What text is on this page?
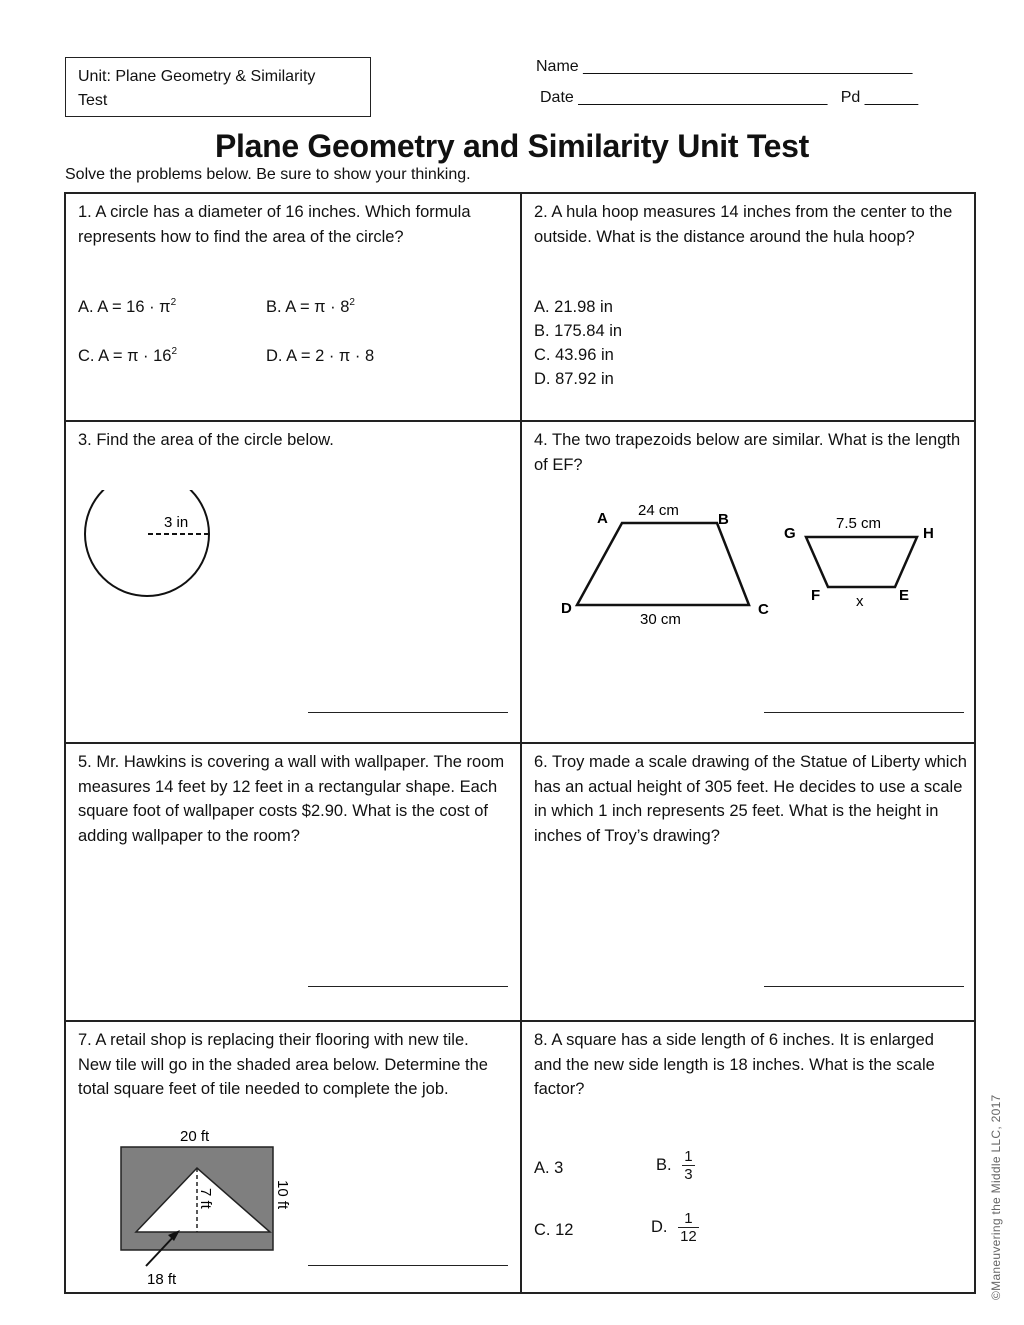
Unit: Plane Geometry & Similarity
Test
Name _____________________________________
Date ____________________________   Pd ______
Plane Geometry and Similarity Unit Test
Solve the problems below. Be sure to show your thinking.

1. A circle has a diameter of 16 inches. Which formula represents how to find the area of the circle?

A. $A = 16 \cdot \pi^2$	B. $A = \pi \cdot 8^2$
C. $A = \pi \cdot 16^2$	D. A = 2 · π · 8

2. A hula hoop measures 14 inches from the center to the outside. What is the distance around the hula hoop?

A. 21.98 in
B. 175.84 in
C. 43.96 in
D. 87.92 in

3. Find the area of the circle below.

3 in

4. The two trapezoids below are similar. What is the length of EF?

24 cm
A	B
C
D
30 cm
7.5 cm
G	H
E
F x

5. Mr. Hawkins is covering a wall with wallpaper. The room measures 14 feet by 12 feet in a rectangular shape. Each square foot of wallpaper costs $2.90. What is the cost of adding wallpaper to the room?

6. Troy made a scale drawing of the Statue of Liberty which has an actual height of 305 feet. He decides to use a scale in which 1 inch represents 25 feet. What is the height in inches of Troy’s drawing?

7. A retail shop is replacing their flooring with new tile. New tile will go in the shaded area below. Determine the total square feet of tile needed to complete the job.

20 ft
7 ft	10 ft
18 ft

8. A square has a side length of 6 inches. It is enlarged and the new side length is 18 inches. What is the scale factor?

A. 3	B. $\frac{1}{3}$
C. 12	D. $\frac{1}{12}$	©Maneuvering the Middle LLC, 2017
